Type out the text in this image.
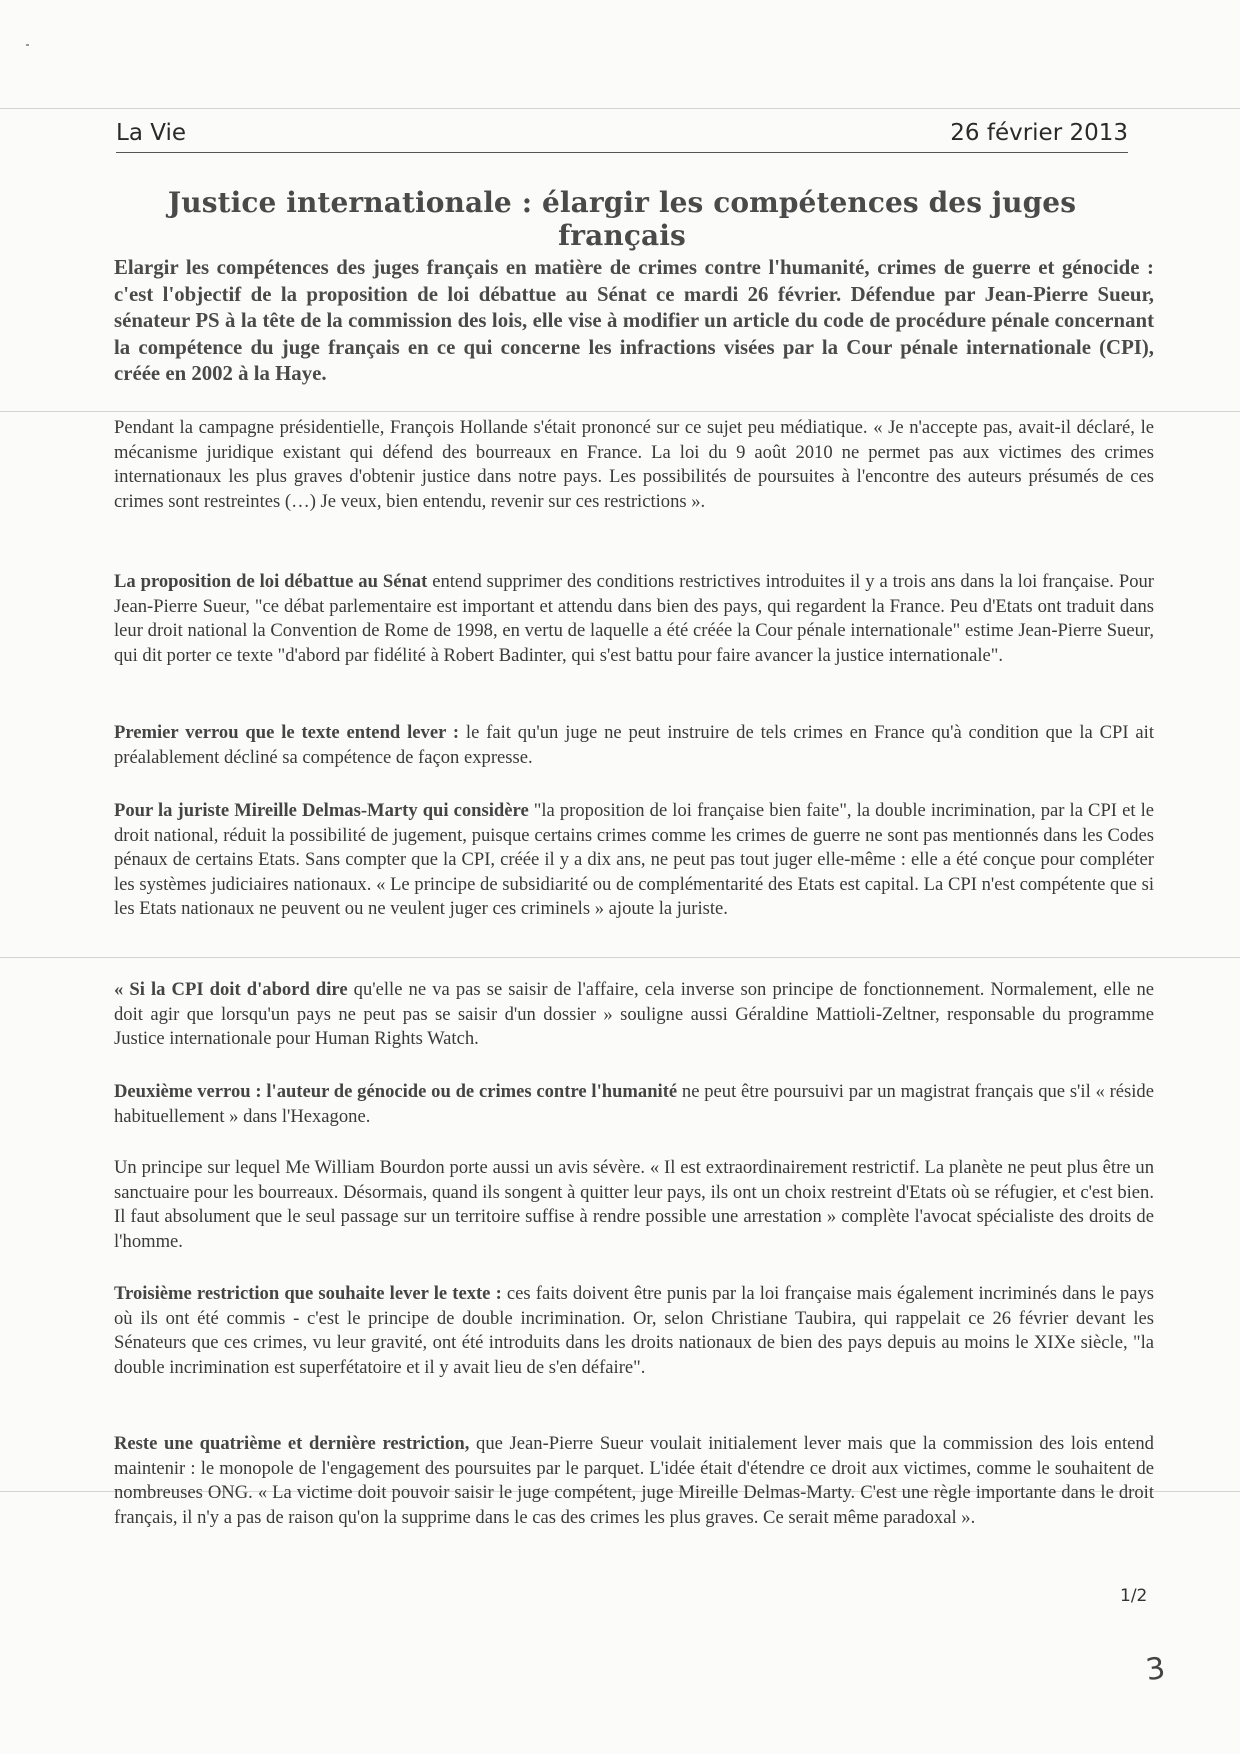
La Vie	26 février 2013
Justice internationale : élargir les compétences des juges français

Elargir les compétences des juges français en matière de crimes contre l'humanité, crimes de guerre et génocide : c'est l'objectif de la proposition de loi débattue au Sénat ce mardi 26 février. Défendue par Jean-Pierre Sueur, sénateur PS à la tête de la commission des lois, elle vise à modifier un article du code de procédure pénale concernant la compétence du juge français en ce qui concerne les infractions visées par la Cour pénale internationale (CPI), créée en 2002 à la Haye.

Pendant la campagne présidentielle, François Hollande s'était prononcé sur ce sujet peu médiatique. « Je n'accepte pas, avait-il déclaré, le mécanisme juridique existant qui défend des bourreaux en France. La loi du 9 août 2010 ne permet pas aux victimes des crimes internationaux les plus graves d'obtenir justice dans notre pays. Les possibilités de poursuites à l'encontre des auteurs présumés de ces crimes sont restreintes (…) Je veux, bien entendu, revenir sur ces restrictions ».

La proposition de loi débattue au Sénat entend supprimer des conditions restrictives introduites il y a trois ans dans la loi française. Pour Jean-Pierre Sueur, "ce débat parlementaire est important et attendu dans bien des pays, qui regardent la France. Peu d'Etats ont traduit dans leur droit national la Convention de Rome de 1998, en vertu de laquelle a été créée la Cour pénale internationale" estime Jean-Pierre Sueur, qui dit porter ce texte "d'abord par fidélité à Robert Badinter, qui s'est battu pour faire avancer la justice internationale".

Premier verrou que le texte entend lever : le fait qu'un juge ne peut instruire de tels crimes en France qu'à condition que la CPI ait préalablement décliné sa compétence de façon expresse.

Pour la juriste Mireille Delmas-Marty qui considère "la proposition de loi française bien faite", la double incrimination, par la CPI et le droit national, réduit la possibilité de jugement, puisque certains crimes comme les crimes de guerre ne sont pas mentionnés dans les Codes pénaux de certains Etats. Sans compter que la CPI, créée il y a dix ans, ne peut pas tout juger elle-même : elle a été conçue pour compléter les systèmes judiciaires nationaux. « Le principe de subsidiarité ou de complémentarité des Etats est capital. La CPI n'est compétente que si les Etats nationaux ne peuvent ou ne veulent juger ces criminels » ajoute la juriste.

« Si la CPI doit d'abord dire qu'elle ne va pas se saisir de l'affaire, cela inverse son principe de fonctionnement. Normalement, elle ne doit agir que lorsqu'un pays ne peut pas se saisir d'un dossier » souligne aussi Géraldine Mattioli-Zeltner, responsable du programme Justice internationale pour Human Rights Watch.

Deuxième verrou : l'auteur de génocide ou de crimes contre l'humanité ne peut être poursuivi par un magistrat français que s'il « réside habituellement » dans l'Hexagone.

Un principe sur lequel Me William Bourdon porte aussi un avis sévère. « Il est extraordinairement restrictif. La planète ne peut plus être un sanctuaire pour les bourreaux. Désormais, quand ils songent à quitter leur pays, ils ont un choix restreint d'Etats où se réfugier, et c'est bien. Il faut absolument que le seul passage sur un territoire suffise à rendre possible une arrestation » complète l'avocat spécialiste des droits de l'homme.

Troisième restriction que souhaite lever le texte : ces faits doivent être punis par la loi française mais également incriminés dans le pays où ils ont été commis - c'est le principe de double incrimination. Or, selon Christiane Taubira, qui rappelait ce 26 février devant les Sénateurs que ces crimes, vu leur gravité, ont été introduits dans les droits nationaux de bien des pays depuis au moins le XIXe siècle, "la double incrimination est superfétatoire et il y avait lieu de s'en défaire".

Reste une quatrième et dernière restriction, que Jean-Pierre Sueur voulait initialement lever mais que la commission des lois entend maintenir : le monopole de l'engagement des poursuites par le parquet. L'idée était d'étendre ce droit aux victimes, comme le souhaitent de nombreuses ONG. « La victime doit pouvoir saisir le juge compétent, juge Mireille Delmas-Marty. C'est une règle importante dans le droit français, il n'y a pas de raison qu'on la supprime dans le cas des crimes les plus graves. Ce serait même paradoxal ».

1/2
3
